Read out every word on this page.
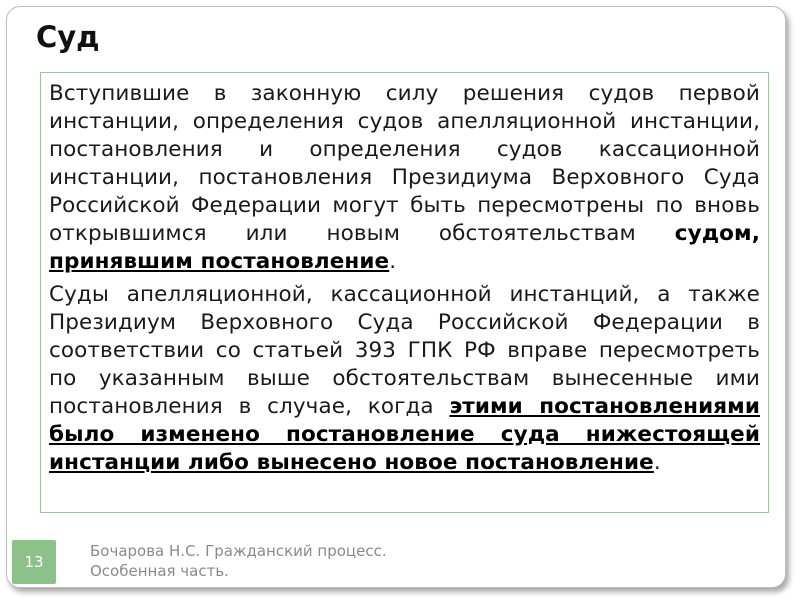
Суд

Вступившие в законную силу решения судов первой инстанции, определения судов апелляционной инстанции, постановления и определения судов кассационной инстанции, постановления Президиума Верховного Суда Российской Федерации могут быть пересмотрены по вновь открывшимся или новым обстоятельствам судом, принявшим постановление.

Суды апелляционной, кассационной инстанций, а также Президиум Верховного Суда Российской Федерации в соответствии со статьей 393 ГПК РФ вправе пересмотреть по указанным выше обстоятельствам вынесенные ими постановления в случае, когда этими постановлениями было изменено постановление суда нижестоящей инстанции либо вынесено новое постановление.

13
Бочарова Н.С. Гражданский процесс.
Особенная часть.
